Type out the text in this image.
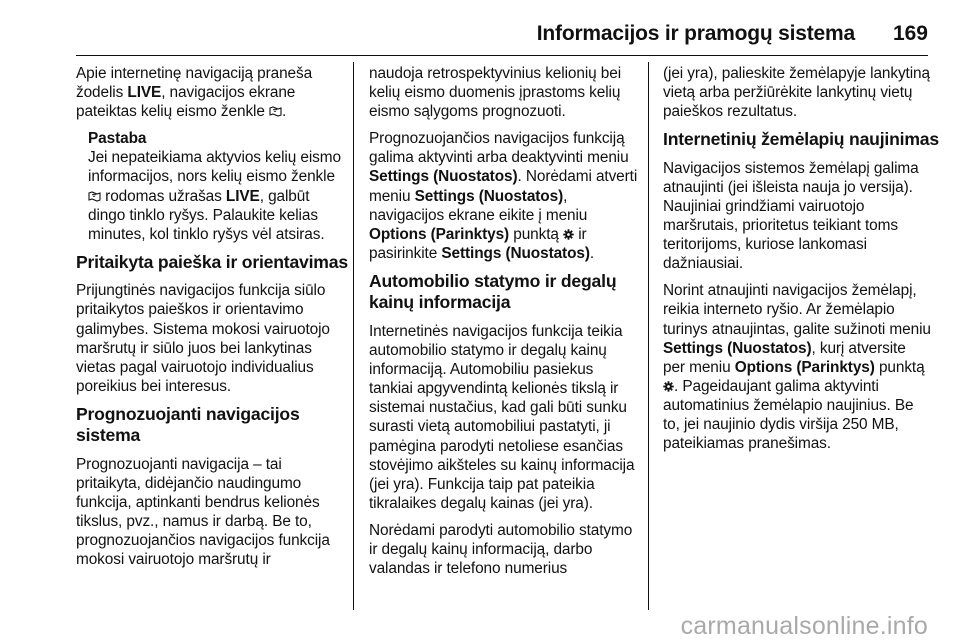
Informacijos ir pramogų sistema 169

Apie internetinę navigaciją praneša žodelis LIVE, navigacijos ekrane pateiktas kelių eismo ženkle .

Pastaba
Jei nepateikiama aktyvios kelių eismo informacijos, nors kelių eismo ženkle  rodomas užrašas LIVE, galbūt dingo tinklo ryšys. Palaukite kelias minutes, kol tinklo ryšys vėl atsiras.
Pritaikyta paieška ir orientavimas

Prijungtinės navigacijos funkcija siūlo pritaikytos paieškos ir orientavimo galimybes. Sistema mokosi vairuotojo maršrutų ir siūlo juos bei lankytinas vietas pagal vairuotojo individualius poreikius bei interesus.

Prognozuojanti navigacijos sistema

Prognozuojanti navigacija – tai pritaikyta, didėjančio naudingumo funkcija, aptinkanti bendrus kelionės tikslus, pvz., namus ir darbą. Be to, prognozuojančios navigacijos funkcija mokosi vairuotojo maršrutų ir

naudoja retrospektyvinius kelionių bei kelių eismo duomenis įprastoms kelių eismo sąlygoms prognozuoti.

Prognozuojančios navigacijos funkciją galima aktyvinti arba deaktyvinti meniu Settings (Nuostatos). Norėdami atverti meniu Settings (Nuostatos), navigacijos ekrane eikite į meniu Options (Parinktys) punktą  ir pasirinkite Settings (Nuostatos).

Automobilio statymo ir degalų kainų informacija

Internetinės navigacijos funkcija teikia automobilio statymo ir degalų kainų informaciją. Automobiliu pasiekus tankiai apgyvendintą kelionės tikslą ir sistemai nustačius, kad gali būti sunku surasti vietą automobiliui pastatyti, ji pamėgina parodyti netoliese esančias stovėjimo aikšteles su kainų informacija (jei yra). Funkcija taip pat pateikia tikralaikes degalų kainas (jei yra).

Norėdami parodyti automobilio statymo ir degalų kainų informaciją, darbo valandas ir telefono numerius

(jei yra), palieskite žemėlapyje lankytiną vietą arba peržiūrėkite lankytinų vietų paieškos rezultatus.

Internetinių žemėlapių naujinimas

Navigacijos sistemos žemėlapį galima atnaujinti (jei išleista nauja jo versija). Naujiniai grindžiami vairuotojo maršrutais, prioritetus teikiant toms teritorijoms, kuriose lankomasi dažniausiai.

Norint atnaujinti navigacijos žemėlapį, reikia interneto ryšio. Ar žemėlapio turinys atnaujintas, galite sužinoti meniu Settings (Nuostatos), kurį atversite per meniu Options (Parinktys) punktą . Pageidaujant galima aktyvinti automatinius žemėlapio naujinius. Be to, jei naujinio dydis viršija 250 MB, pateikiamas pranešimas.

carmanualsonline.info
